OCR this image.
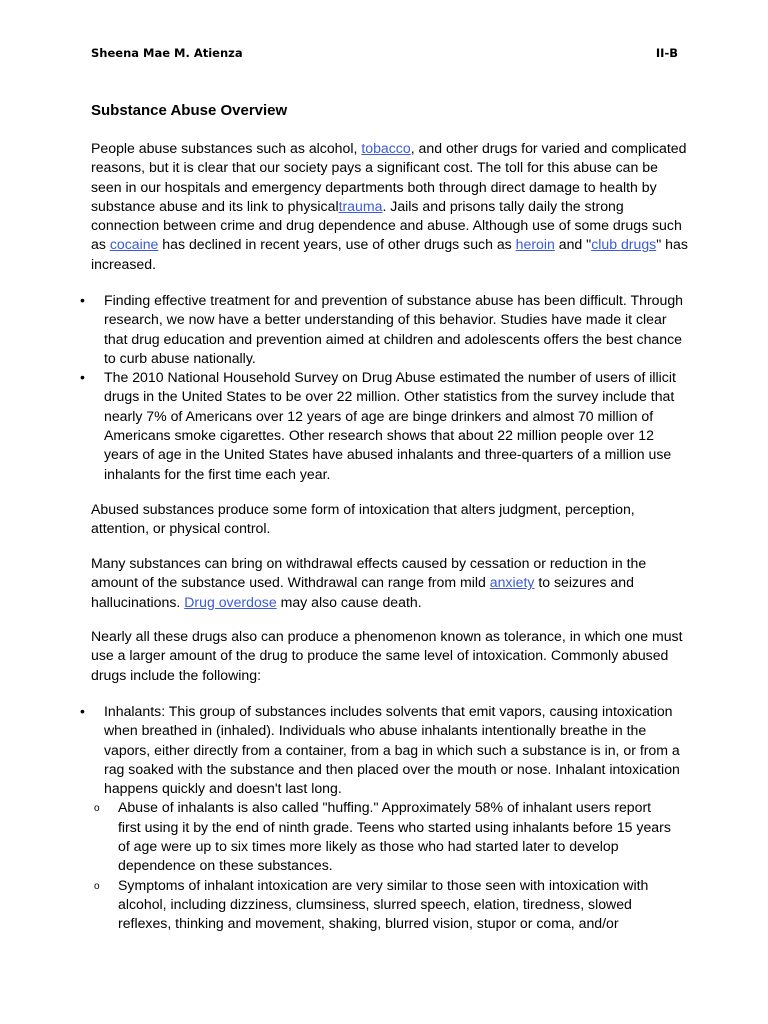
Sheena Mae M. Atienza	II-B
Substance Abuse Overview
People abuse substances such as alcohol, tobacco, and other drugs for varied and complicated
reasons, but it is clear that our society pays a significant cost. The toll for this abuse can be
seen in our hospitals and emergency departments both through direct damage to health by
substance abuse and its link to physicaltrauma. Jails and prisons tally daily the strong
connection between crime and drug dependence and abuse. Although use of some drugs such
as cocaine has declined in recent years, use of other drugs such as heroin and "club drugs" has
increased.
• Finding effective treatment for and prevention of substance abuse has been difficult. Through
research, we now have a better understanding of this behavior. Studies have made it clear
that drug education and prevention aimed at children and adolescents offers the best chance
to curb abuse nationally.
• The 2010 National Household Survey on Drug Abuse estimated the number of users of illicit
drugs in the United States to be over 22 million. Other statistics from the survey include that
nearly 7% of Americans over 12 years of age are binge drinkers and almost 70 million of
Americans smoke cigarettes. Other research shows that about 22 million people over 12
years of age in the United States have abused inhalants and three-quarters of a million use
inhalants for the first time each year.
Abused substances produce some form of intoxication that alters judgment, perception,
attention, or physical control.
Many substances can bring on withdrawal effects caused by cessation or reduction in the
amount of the substance used. Withdrawal can range from mild anxiety to seizures and
hallucinations. Drug overdose may also cause death.
Nearly all these drugs also can produce a phenomenon known as tolerance, in which one must
use a larger amount of the drug to produce the same level of intoxication. Commonly abused
drugs include the following:
• Inhalants: This group of substances includes solvents that emit vapors, causing intoxication
when breathed in (inhaled). Individuals who abuse inhalants intentionally breathe in the
vapors, either directly from a container, from a bag in which such a substance is in, or from a
rag soaked with the substance and then placed over the mouth or nose. Inhalant intoxication
happens quickly and doesn't last long.
o Abuse of inhalants is also called "huffing." Approximately 58% of inhalant users report
first using it by the end of ninth grade. Teens who started using inhalants before 15 years
of age were up to six times more likely as those who had started later to develop
dependence on these substances.
o Symptoms of inhalant intoxication are very similar to those seen with intoxication with
alcohol, including dizziness, clumsiness, slurred speech, elation, tiredness, slowed
reflexes, thinking and movement, shaking, blurred vision, stupor or coma, and/or
